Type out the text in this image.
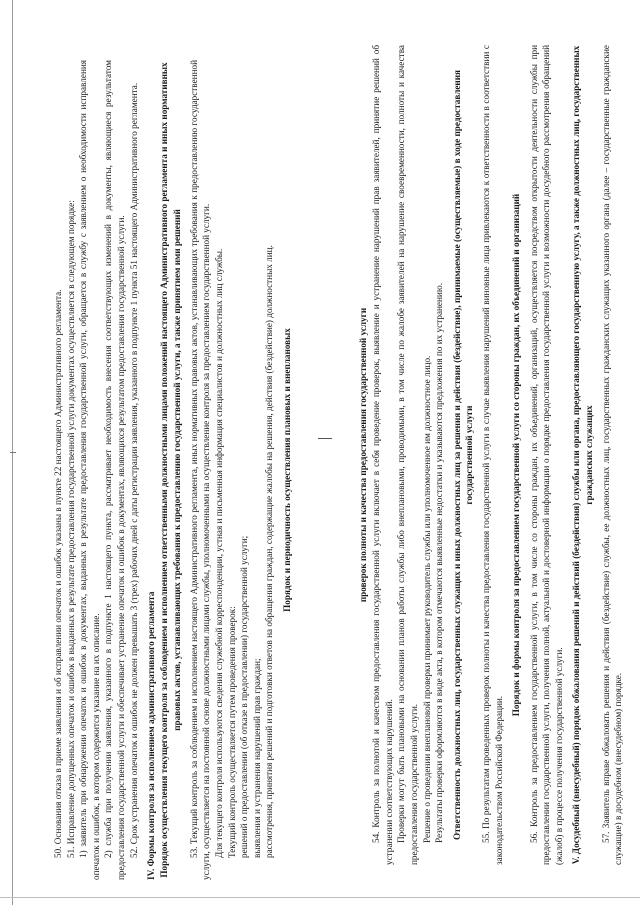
50. Основания отказа в приеме заявления и об исправлении опечаток и ошибок указаны в пункте 22 настоящего Административного регламента. 51. Исправление допущенных опечаток и ошибок в выданных в результате предоставления государственной услуги документах осуществляется в следующем порядке: 1) заявитель при обнаружении опечаток и ошибок в документах, выданных в результате предоставления государственной услуги, обращается в службу с заявлением о необходимости исправления опечаток и ошибок, в котором содержится указание на их описание. 2) служба при получении заявления, указанного в подпункте 1 настоящего пункта, рассматривает необходимость внесения соответствующих изменений в документы, являющиеся результатом предоставления государственной услуги и обеспечивает устранение опечаток и ошибок в документах, являющихся результатом предоставления государственной услуги. 52. Срок устранения опечаток и ошибок не должен превышать 3 (трех) рабочих дней с даты регистрации заявления, указанного в подпункте 1 пункта 51 настоящего Административного регламента. IV. Формы контроля за исполнением административного регламента Порядок осуществления текущего контроля за соблюдением и исполнением ответственными должностными лицами положений настоящего Административного регламента и иных нормативных правовых актов, устанавливающих требования к предоставлению государственной услуги, а также принятием ими решений 53. Текущий контроль за соблюдением и исполнением настоящего Административного регламента, иных нормативных правовых актов, устанавливающих требования к предоставлению государственной услуги, осуществляется на постоянной основе должностными лицами службы, уполномоченными на осуществление контроля за предоставлением государственной услуги. Для текущего контроля используются сведения служебной корреспонденции, устная и письменная информация специалистов и должностных лиц службы. Текущий контроль осуществляется путем проведения проверок: решений о предоставлении (об отказе в предоставлении) государственной услуги; выявления и устранения нарушений прав граждан; рассмотрения, принятия решений и подготовки ответов на обращения граждан, содержащие жалобы на решения, действия (бездействие) должностных лиц. Порядок и периодичность осуществления плановых и внеплановых	проверок полноты и качества предоставления государственной услуги 54. Контроль за полнотой и качеством предоставления государственной услуги включает в себя проведение проверок, выявление и устранение нарушений прав заявителей, принятие решений об устранении соответствующих нарушений. Проверки могут быть плановыми на основании планов работы службы либо внеплановыми, проводимыми, в том числе по жалобе заявителей на нарушение своевременности, полноты и качества предоставления государственной услуги. Решение о проведении внеплановой проверки принимает руководитель службы или уполномоченное им должностное лицо. Результаты проверки оформляются в виде акта, в котором отмечаются выявленные недостатки и указываются предложения по их устранению. Ответственность должностных лиц, государственных служащих и иных должностных лиц за решения и действия (бездействие), принимаемые (осуществляемые) в ходе предоставления государственной услуги 55. По результатам проведенных проверок полноты и качества предоставления государственной услуги в случае выявления нарушений виновные лица привлекаются к ответственности в соответствии с законодательством Российской Федерации.

Порядок и формы контроля за предоставлением государственной услуги со стороны граждан, их объединений и организаций 56. Контроль за предоставлением государственной услуги, в том числе со стороны граждан, их объединений, организаций, осуществляется посредством открытости деятельности службы при предоставлении государственной услуги, получения полной, актуальной и достоверной информации о порядке предоставления государственной услуги и возможности досудебного рассмотрения обращений (жалоб) в процессе получения государственной услуги. V. Досудебный (внесудебный) порядок обжалования решений и действий (бездействия) службы или органа, предоставляющего государственную услугу, а также должностных лиц, государственных гражданских служащих 57. Заявитель вправе обжаловать решения и действия (бездействие) службы, ее должностных лиц, государственных гражданских служащих указанного органа (далее – государственные гражданские служащие) в досудебном (внесудебном) порядке.
